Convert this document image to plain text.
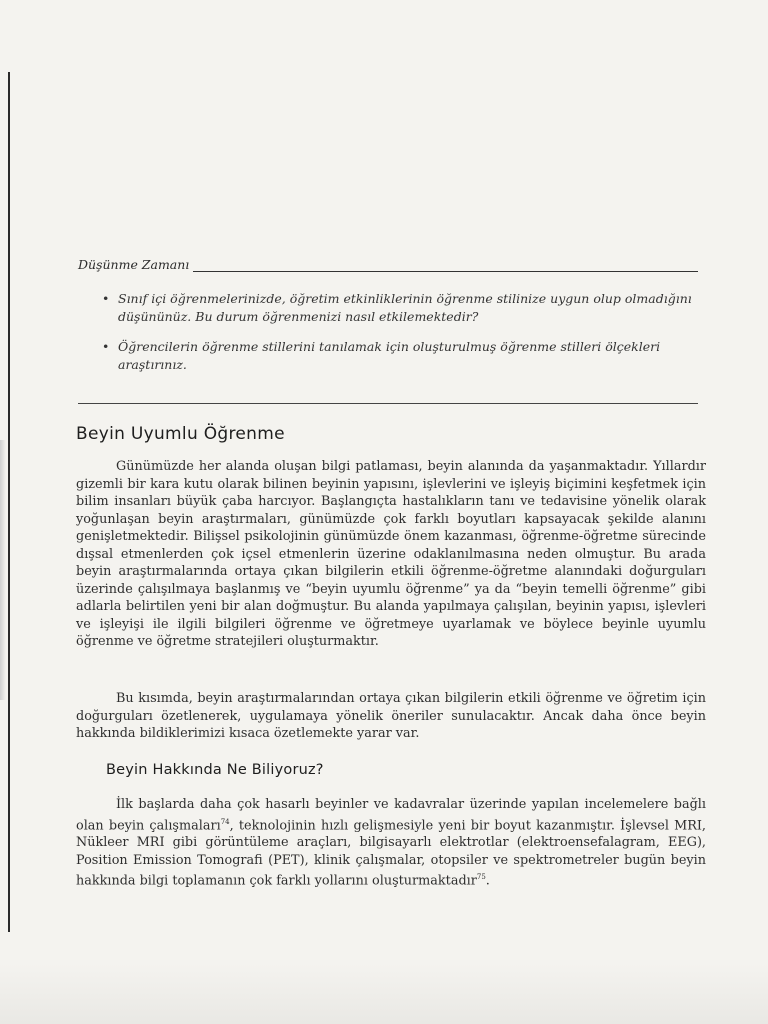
Düşünme Zamanı
• Sınıf içi öğrenmelerinizde, öğretim etkinliklerinin öğrenme stilinize uygun olup olmadığını düşününüz. Bu durum öğrenmenizi nasıl etkilemektedir?
• Öğrencilerin öğrenme stillerini tanılamak için oluşturulmuş öğrenme stilleri ölçekleri araştırınız.
Beyin Uyumlu Öğrenme

Günümüzde her alanda oluşan bilgi patlaması, beyin alanında da yaşanmaktadır. Yıllardır gizemli bir kara kutu olarak bilinen beyinin yapısını, işlevlerini ve işleyiş biçimini keşfetmek için bilim insanları büyük çaba harcıyor. Başlangıçta hastalıkların tanı ve tedavisine yönelik olarak yoğunlaşan beyin araştırmaları, günümüzde çok farklı boyutları kapsayacak şekilde alanını genişletmektedir. Bilişsel psikolojinin günümüzde önem kazanması, öğrenme-öğretme sürecinde dışsal etmenlerden çok içsel etmenlerin üzerine odaklanılmasına neden olmuştur. Bu arada beyin araştırmalarında ortaya çıkan bilgilerin etkili öğrenme-öğretme alanındaki doğurguları üzerinde çalışılmaya başlanmış ve “beyin uyumlu öğrenme” ya da “beyin temelli öğrenme” gibi adlarla belirtilen yeni bir alan doğmuştur. Bu alanda yapılmaya çalışılan, beyinin yapısı, işlevleri ve işleyişi ile ilgili bilgileri öğrenme ve öğretmeye uyarlamak ve böylece beyinle uyumlu öğrenme ve öğretme stratejileri oluşturmaktır.

Bu kısımda, beyin araştırmalarından ortaya çıkan bilgilerin etkili öğrenme ve öğretim için doğurguları özetlenerek, uygulamaya yönelik öneriler sunulacaktır. Ancak daha önce beyin hakkında bildiklerimizi kısaca özetlemekte yarar var.

Beyin Hakkında Ne Biliyoruz?

İlk başlarda daha çok hasarlı beyinler ve kadavralar üzerinde yapılan incelemelere bağlı olan beyin çalışmaları$^{74}$, teknolojinin hızlı gelişmesiyle yeni bir boyut kazanmıştır. İşlevsel MRI, Nükleer MRI gibi görüntüleme araçları, bilgisayarlı elektrotlar (elektroensefalagram, EEG), Position Emission Tomografi (PET), klinik çalışmalar, otopsiler ve spektrometreler bugün beyin hakkında bilgi toplamanın çok farklı yollarını oluşturmaktadır$^{75}$.
